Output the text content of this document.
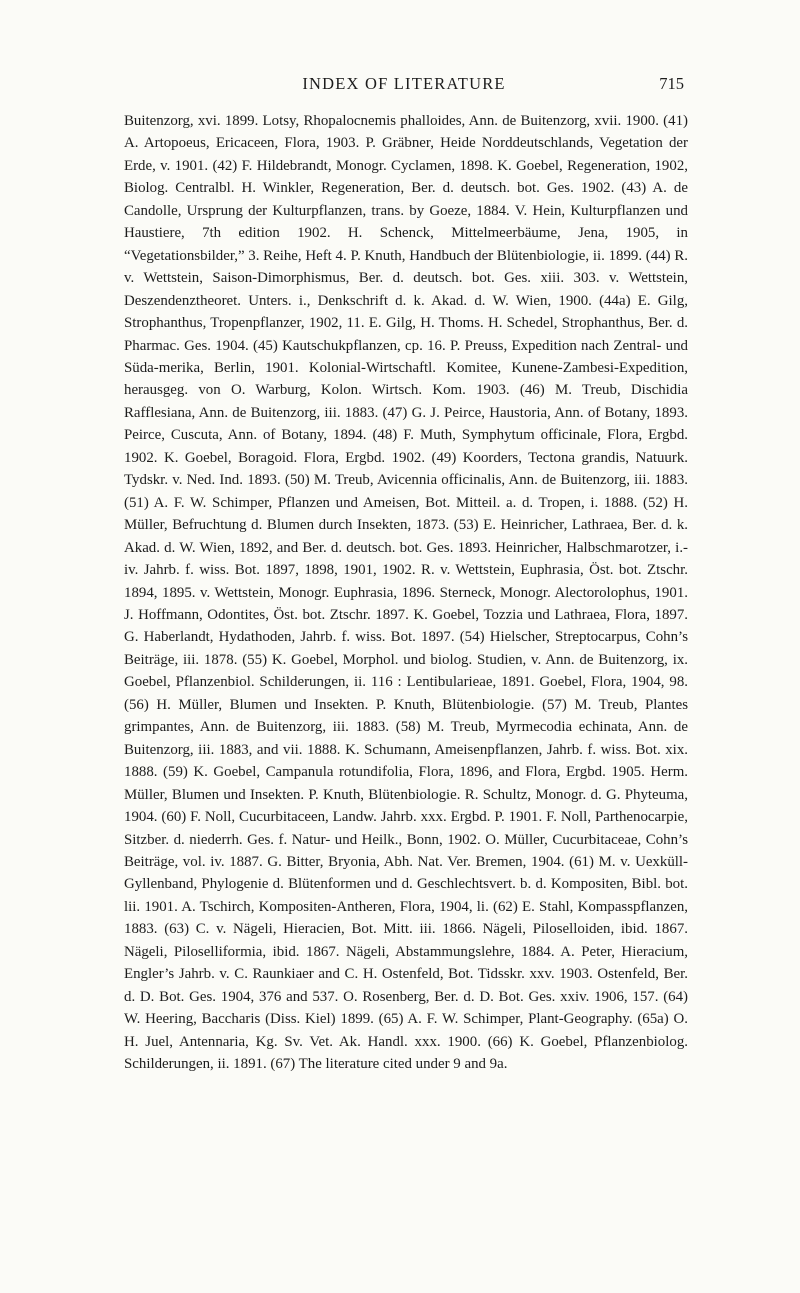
INDEX OF LITERATURE	715

Buitenzorg, xvi. 1899. Lotsy, Rhopalocnemis phalloides, Ann. de Buitenzorg, xvii. 1900. (41) A. Artopoeus, Ericaceen, Flora, 1903. P. Gräbner, Heide Norddeutschlands, Vegetation der Erde, v. 1901. (42) F. Hildebrandt, Monogr. Cyclamen, 1898. K. Goebel, Regeneration, 1902, Biolog. Centralbl. H. Winkler, Regeneration, Ber. d. deutsch. bot. Ges. 1902. (43) A. de Candolle, Ursprung der Kulturpflanzen, trans. by Goeze, 1884. V. Hein, Kulturpflanzen und Haustiere, 7th edition 1902. H. Schenck, Mittelmeerbäume, Jena, 1905, in “Vegetationsbilder,” 3. Reihe, Heft 4. P. Knuth, Handbuch der Blütenbiologie, ii. 1899. (44) R. v. Wettstein, Saison-Dimorphismus, Ber. d. deutsch. bot. Ges. xiii. 303. v. Wettstein, Deszendenztheoret. Unters. i., Denkschrift d. k. Akad. d. W. Wien, 1900. (44a) E. Gilg, Strophanthus, Tropenpflanzer, 1902, 11. E. Gilg, H. Thoms. H. Schedel, Strophanthus, Ber. d. Pharmac. Ges. 1904. (45) Kautschukpflanzen, cp. 16. P. Preuss, Expedition nach Zentral- und Süda-merika, Berlin, 1901. Kolonial-Wirtschaftl. Komitee, Kunene-Zambesi-Expedition, herausgeg. von O. Warburg, Kolon. Wirtsch. Kom. 1903. (46) M. Treub, Dischidia Rafflesiana, Ann. de Buitenzorg, iii. 1883. (47) G. J. Peirce, Haustoria, Ann. of Botany, 1893. Peirce, Cuscuta, Ann. of Botany, 1894. (48) F. Muth, Symphytum officinale, Flora, Ergbd. 1902. K. Goebel, Boragoid. Flora, Ergbd. 1902. (49) Koorders, Tectona grandis, Natuurk. Tydskr. v. Ned. Ind. 1893. (50) M. Treub, Avicennia officinalis, Ann. de Buitenzorg, iii. 1883. (51) A. F. W. Schimper, Pflanzen und Ameisen, Bot. Mitteil. a. d. Tropen, i. 1888. (52) H. Müller, Befruchtung d. Blumen durch Insekten, 1873. (53) E. Heinricher, Lathraea, Ber. d. k. Akad. d. W. Wien, 1892, and Ber. d. deutsch. bot. Ges. 1893. Heinricher, Halbschmarotzer, i.-iv. Jahrb. f. wiss. Bot. 1897, 1898, 1901, 1902. R. v. Wettstein, Euphrasia, Öst. bot. Ztschr. 1894, 1895. v. Wettstein, Monogr. Euphrasia, 1896. Sterneck, Monogr. Alectorolophus, 1901. J. Hoffmann, Odontites, Öst. bot. Ztschr. 1897. K. Goebel, Tozzia und Lathraea, Flora, 1897. G. Haberlandt, Hydathoden, Jahrb. f. wiss. Bot. 1897. (54) Hielscher, Streptocarpus, Cohn’s Beiträge, iii. 1878. (55) K. Goebel, Morphol. und biolog. Studien, v. Ann. de Buitenzorg, ix. Goebel, Pflanzenbiol. Schilderungen, ii. 116 : Lentibularieae, 1891. Goebel, Flora, 1904, 98. (56) H. Müller, Blumen und Insekten. P. Knuth, Blütenbiologie. (57) M. Treub, Plantes grimpantes, Ann. de Buitenzorg, iii. 1883. (58) M. Treub, Myrmecodia echinata, Ann. de Buitenzorg, iii. 1883, and vii. 1888. K. Schumann, Ameisenpflanzen, Jahrb. f. wiss. Bot. xix. 1888. (59) K. Goebel, Campanula rotundifolia, Flora, 1896, and Flora, Ergbd. 1905. Herm. Müller, Blumen und Insekten. P. Knuth, Blütenbiologie. R. Schultz, Monogr. d. G. Phyteuma, 1904. (60) F. Noll, Cucurbitaceen, Landw. Jahrb. xxx. Ergbd. P. 1901. F. Noll, Parthenocarpie, Sitzber. d. niederrh. Ges. f. Natur- und Heilk., Bonn, 1902. O. Müller, Cucurbitaceae, Cohn’s Beiträge, vol. iv. 1887. G. Bitter, Bryonia, Abh. Nat. Ver. Bremen, 1904. (61) M. v. Uexküll-Gyllenband, Phylogenie d. Blütenformen und d. Geschlechtsvert. b. d. Kompositen, Bibl. bot. lii. 1901. A. Tschirch, Kompositen-Antheren, Flora, 1904, li. (62) E. Stahl, Kompasspflanzen, 1883. (63) C. v. Nägeli, Hieracien, Bot. Mitt. iii. 1866. Nägeli, Piloselloiden, ibid. 1867. Nägeli, Piloselliformia, ibid. 1867. Nägeli, Abstammungslehre, 1884. A. Peter, Hieracium, Engler’s Jahrb. v. C. Raunkiaer and C. H. Ostenfeld, Bot. Tidsskr. xxv. 1903. Ostenfeld, Ber. d. D. Bot. Ges. 1904, 376 and 537. O. Rosenberg, Ber. d. D. Bot. Ges. xxiv. 1906, 157. (64) W. Heering, Baccharis (Diss. Kiel) 1899. (65) A. F. W. Schimper, Plant-Geography. (65a) O. H. Juel, Antennaria, Kg. Sv. Vet. Ak. Handl. xxx. 1900. (66) K. Goebel, Pflanzenbiolog. Schilderungen, ii. 1891. (67) The literature cited under 9 and 9a.
